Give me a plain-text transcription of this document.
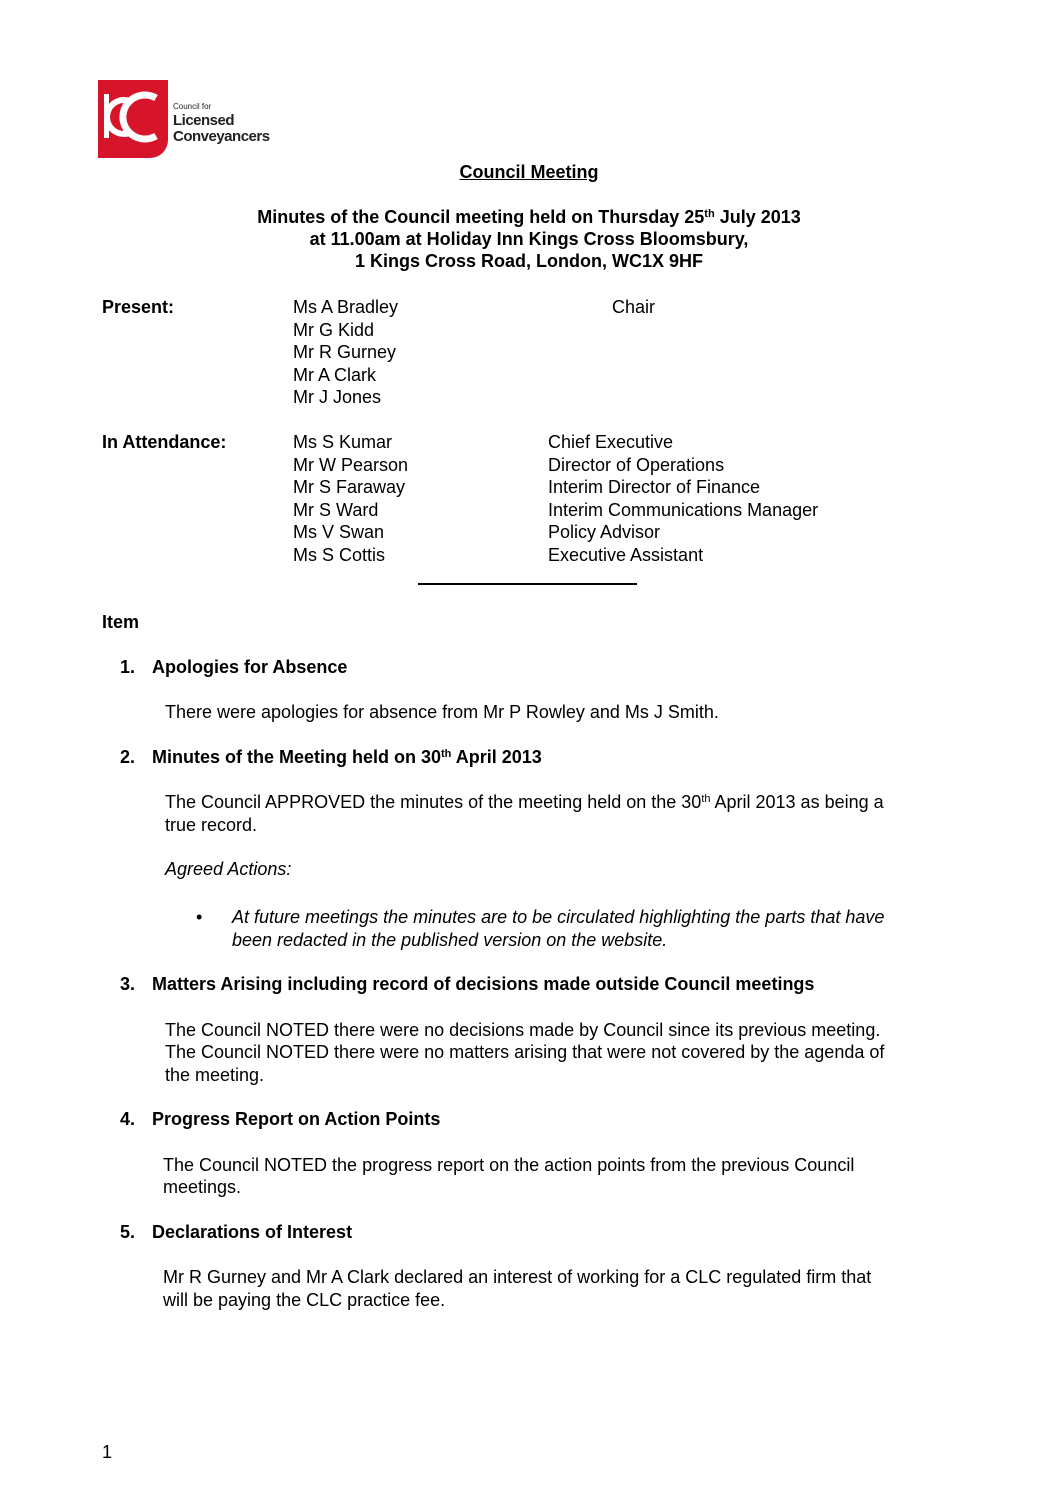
Council for
Licensed
Conveyancers
Council Meeting
Minutes of the Council meeting held on Thursday 25th July 2013
at 11.00am at Holiday Inn Kings Cross Bloomsbury,
1 Kings Cross Road, London, WC1X 9HF
Present:	Ms A Bradley	Chair
Mr G Kidd
Mr R Gurney
Mr A Clark
Mr J Jones
In Attendance:	Ms S Kumar	Chief Executive
Mr W Pearson	Director of Operations
Mr S Faraway	Interim Director of Finance
Mr S Ward	Interim Communications Manager
Ms V Swan	Policy Advisor
Ms S Cottis	Executive Assistant
Item
1. Apologies for Absence
There were apologies for absence from Mr P Rowley and Ms J Smith.
2. Minutes of the Meeting held on 30th April 2013
The Council APPROVED the minutes of the meeting held on the 30th April 2013 as being a
true record.
Agreed Actions:
• At future meetings the minutes are to be circulated highlighting the parts that have
been redacted in the published version on the website.
3. Matters Arising including record of decisions made outside Council meetings
The Council NOTED there were no decisions made by Council since its previous meeting.
The Council NOTED there were no matters arising that were not covered by the agenda of
the meeting.
4. Progress Report on Action Points
The Council NOTED the progress report on the action points from the previous Council
meetings.
5. Declarations of Interest
Mr R Gurney and Mr A Clark declared an interest of working for a CLC regulated firm that
will be paying the CLC practice fee.
1
